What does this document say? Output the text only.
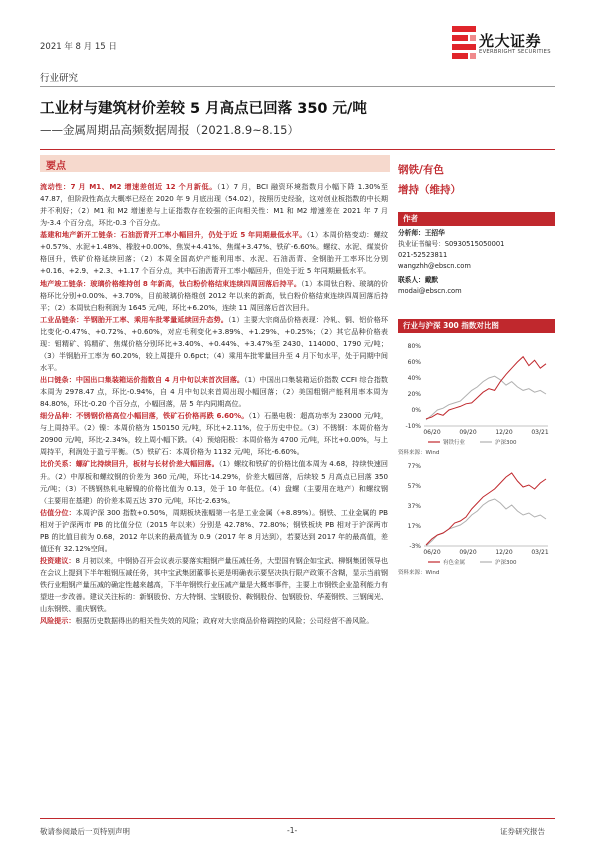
2021 年 8 月 15 日	光大证券
EVERBRIGHT SECURITIES
行业研究
工业材与建筑材价差较 5 月高点已回落 350 元/吨
——金属周期品高频数据周报（2021.8.9~8.15）
要点
流动性：7 月 M1、M2 增速差创近 12 个月新低。（1）7 月，BCI 融资环境指数月小幅下降 1.30%至 47.87，但阶段性高点大概率已经在 2020 年 9 月底出现（54.02），按照历史经验，这对创业板指数的中长期并不利好；（2）M1 和 M2 增速差与上证指数存在较强的正向相关性：M1 和 M2 增速差在 2021 年 7 月为-3.4 个百分点，环比-0.3 个百分点。
基建和地产新开工链条：石油沥青开工率小幅回升，仍处于近 5 年同期最低水平。（1）本周价格变动：螺纹+0.57%、水泥+1.48%、橡胶+0.00%、焦炭+4.41%、焦煤+3.47%、铁矿-6.60%。螺纹、水泥、煤炭价格回升，铁矿价格延续回落；（2）本周全国高炉产能利用率、水泥、石油沥青、全钢胎开工率环比分别+0.16、+2.9、+2.3、+1.17 个百分点，其中石油沥青开工率小幅回升，但处于近 5 年同期最低水平。
地产竣工链条：玻璃价格维持创 8 年新高，钛白粉价格结束连续四周回落后持平。（1）本周钛白粉、玻璃的价格环比分别+0.00%、+3.70%，目前玻璃价格维创 2012 年以来的新高，钛白粉价格结束连续四周回落后持平；（2）本周钛白粉利润为 1645 元/吨，环比+6.20%，连续 11 周回落后首次回升。
工业品链条：半钢胎开工率、乘用车批零量延续回升态势。（1）主要大宗商品价格表现：冷轧、铜、铝价格环比变化-0.47%、+0.72%、+0.60%，对应毛利变化+3.89%、+1.29%、+0.25%；（2）其它品种价格表现：钼精矿、钨精矿、焦煤价格分别环比+3.40%、+0.44%、+3.47%至 2430、114000、1790 元/吨；（3）半钢胎开工率为 60.20%，较上周提升 0.6pct；（4）乘用车批零量回升至 4 月下旬水平，处于同期中间水平。
出口链条：中国出口集装箱运价指数自 4 月中旬以来首次回落。（1）中国出口集装箱运价指数 CCFI 综合指数本周为 2978.47 点，环比-0.94%，自 4 月中旬以来首周出现小幅回落；（2）美国粗钢产能利用率本周为 84.80%，环比-0.20 个百分点，小幅回落，居 5 年内同期高位。
细分品种：不锈钢价格高位小幅回落，铁矿石价格再跌 6.60%。（1）石墨电极：超高功率为 23000 元/吨，与上周持平。（2）镍：本周价格为 150150 元/吨，环比+2.11%，位于历史中位。（3）不锈钢：本周价格为 20900 元/吨，环比-2.34%，较上周小幅下跌。（4）预焙阳极：本周价格为 4700 元/吨，环比+0.00%，与上周持平，利润处于盈亏平衡。（5）铁矿石：本周价格为 1132 元/吨，环比-6.60%。
比价关系：螺矿比持续回升，板材与长材价差大幅回落。（1）螺纹和铁矿的价格比值本周为 4.68，持续快速回升。（2）中厚板和螺纹钢的价差为 360 元/吨，环比-14.29%，价差大幅回落，后续较 5 月高点已回落 350 元/吨；（3）不锈钢热轧电解镍的价格比值为 0.13，处于 10 年低位。（4）盘螺（主要用在地产）和螺纹钢（主要用在基建）的价差本周五达 370 元/吨，环比-2.63%。
估值分位：本周沪深 300 指数+0.50%，周期板块涨幅第一名是工业金属（+8.89%）。钢铁、工业金属的 PB 相对于沪深两市 PB 的比值分位（2015 年以来）分别是 42.78%、72.80%；钢铁板块 PB 相对于沪深两市 PB 的比值目前为 0.68，2012 年以来的最高值为 0.9（2017 年 8 月达到），若要达到 2017 年的最高值，差值还有 32.12%空间。
投资建议：8 月初以来，中钢协召开会议表示要落实粗钢产量压减任务，大型国有钢企如宝武、柳钢集团领导也在会议上提到下半年粗钢压减任务，其中宝武集团董事长更是明确表示要坚决执行限产政策不含糊，显示当前钢铁行业粗钢产量压减的确定性越来越高，下半年钢铁行业压减产量是大概率事件，主要上市钢铁企业盈利能力有望进一步改善。建议关注标的：新钢股份、方大特钢、宝钢股份、鞍钢股份、包钢股份、华菱钢铁、三钢闽光、山东钢铁、重庆钢铁。
风险提示：根据历史数据得出的相关性失效的风险；政府对大宗商品价格调控的风险；公司经营不善风险。
钢铁/有色
增持（维持）
作者
分析师：王招华
执业证书编号：S0930515050001
021-52523811
wangzhh@ebscn.com
联系人：戴默
modai@ebscn.com
行业与沪深 300 指数对比图
80%
60%
40%
20%
0%
-10%
06/20	09/20	12/20	03/21
钢铁行业	沪深300
资料来源：Wind
77%
57%
37%
17%
-3%
06/20	09/20	12/20	03/21
有色金属	沪深300
资料来源：Wind
敬请参阅最后一页特别声明	-1-	证券研究报告
